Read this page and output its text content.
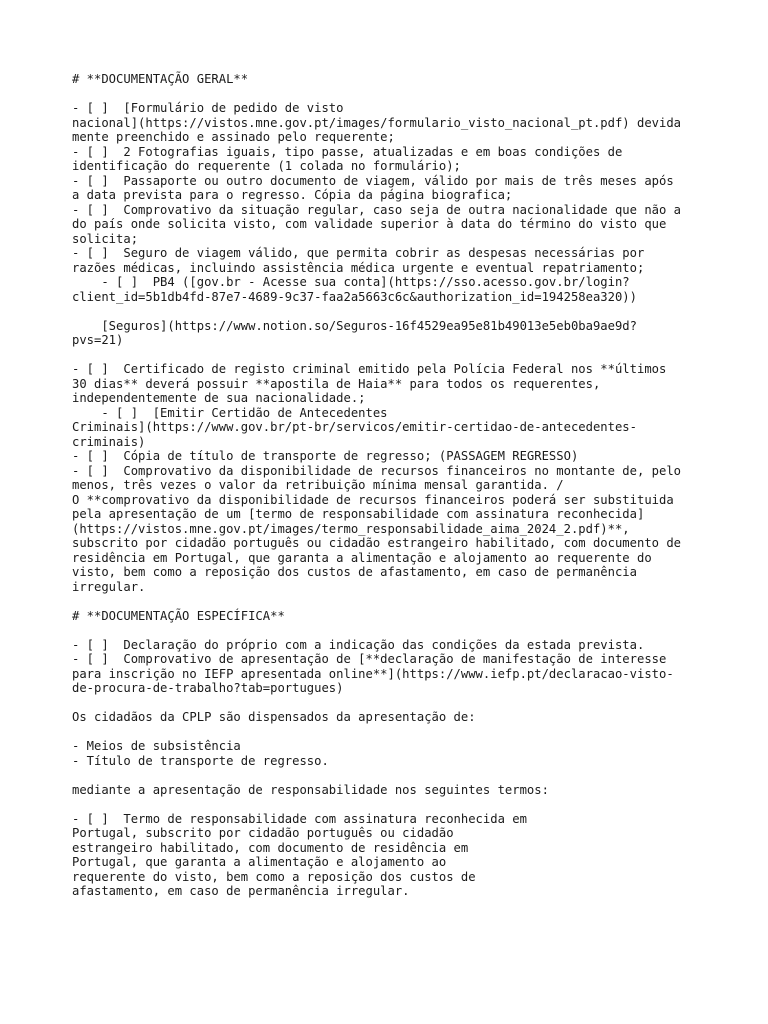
# **DOCUMENTAÇÃO GERAL**
- [ ]  [Formulário de pedido de visto
nacional](https://vistos.mne.gov.pt/images/formulario_visto_nacional_pt.pdf) devida
mente preenchido e assinado pelo requerente;
- [ ]  2 Fotografias iguais, tipo passe, atualizadas e em boas condições de
identificação do requerente (1 colada no formulário);
- [ ]  Passaporte ou outro documento de viagem, válido por mais de três meses após
a data prevista para o regresso. Cópia da página biografica;
- [ ]  Comprovativo da situação regular, caso seja de outra nacionalidade que não a
do país onde solicita visto, com validade superior à data do término do visto que
solicita;
- [ ]  Seguro de viagem válido, que permita cobrir as despesas necessárias por
razões médicas, incluindo assistência médica urgente e eventual repatriamento;
- [ ]  PB4 ([gov.br - Acesse sua conta](https://sso.acesso.gov.br/login?
client_id=5b1db4fd-87e7-4689-9c37-faa2a5663c6c&authorization_id=194258ea320))
[Seguros](https://www.notion.so/Seguros-16f4529ea95e81b49013e5eb0ba9ae9d?
pvs=21)
- [ ]  Certificado de registo criminal emitido pela Polícia Federal nos **últimos
30 dias** deverá possuir **apostila de Haia** para todos os requerentes,
independentemente de sua nacionalidade.;
- [ ]  [Emitir Certidão de Antecedentes
Criminais](https://www.gov.br/pt-br/servicos/emitir-certidao-de-antecedentes-
criminais)
- [ ]  Cópia de título de transporte de regresso; (PASSAGEM REGRESSO)
- [ ]  Comprovativo da disponibilidade de recursos financeiros no montante de, pelo
menos, três vezes o valor da retribuição mínima mensal garantida. /
O **comprovativo da disponibilidade de recursos financeiros poderá ser substituida
pela apresentação de um [termo de responsabilidade com assinatura reconhecida]
(https://vistos.mne.gov.pt/images/termo_responsabilidade_aima_2024_2.pdf)**,
subscrito por cidadão português ou cidadão estrangeiro habilitado, com documento de
residência em Portugal, que garanta a alimentação e alojamento ao requerente do
visto, bem como a reposição dos custos de afastamento, em caso de permanência
irregular.
# **DOCUMENTAÇÃO ESPECÍFICA**
- [ ]  Declaração do próprio com a indicação das condições da estada prevista.
- [ ]  Comprovativo de apresentação de [**declaração de manifestação de interesse
para inscrição no IEFP apresentada online**](https://www.iefp.pt/declaracao-visto-
de-procura-de-trabalho?tab=portugues)
Os cidadãos da CPLP são dispensados da apresentação de:
- Meios de subsistência
- Título de transporte de regresso.
mediante a apresentação de responsabilidade nos seguintes termos:
- [ ]  Termo de responsabilidade com assinatura reconhecida em
Portugal, subscrito por cidadão português ou cidadão
estrangeiro habilitado, com documento de residência em
Portugal, que garanta a alimentação e alojamento ao
requerente do visto, bem como a reposição dos custos de
afastamento, em caso de permanência irregular.
